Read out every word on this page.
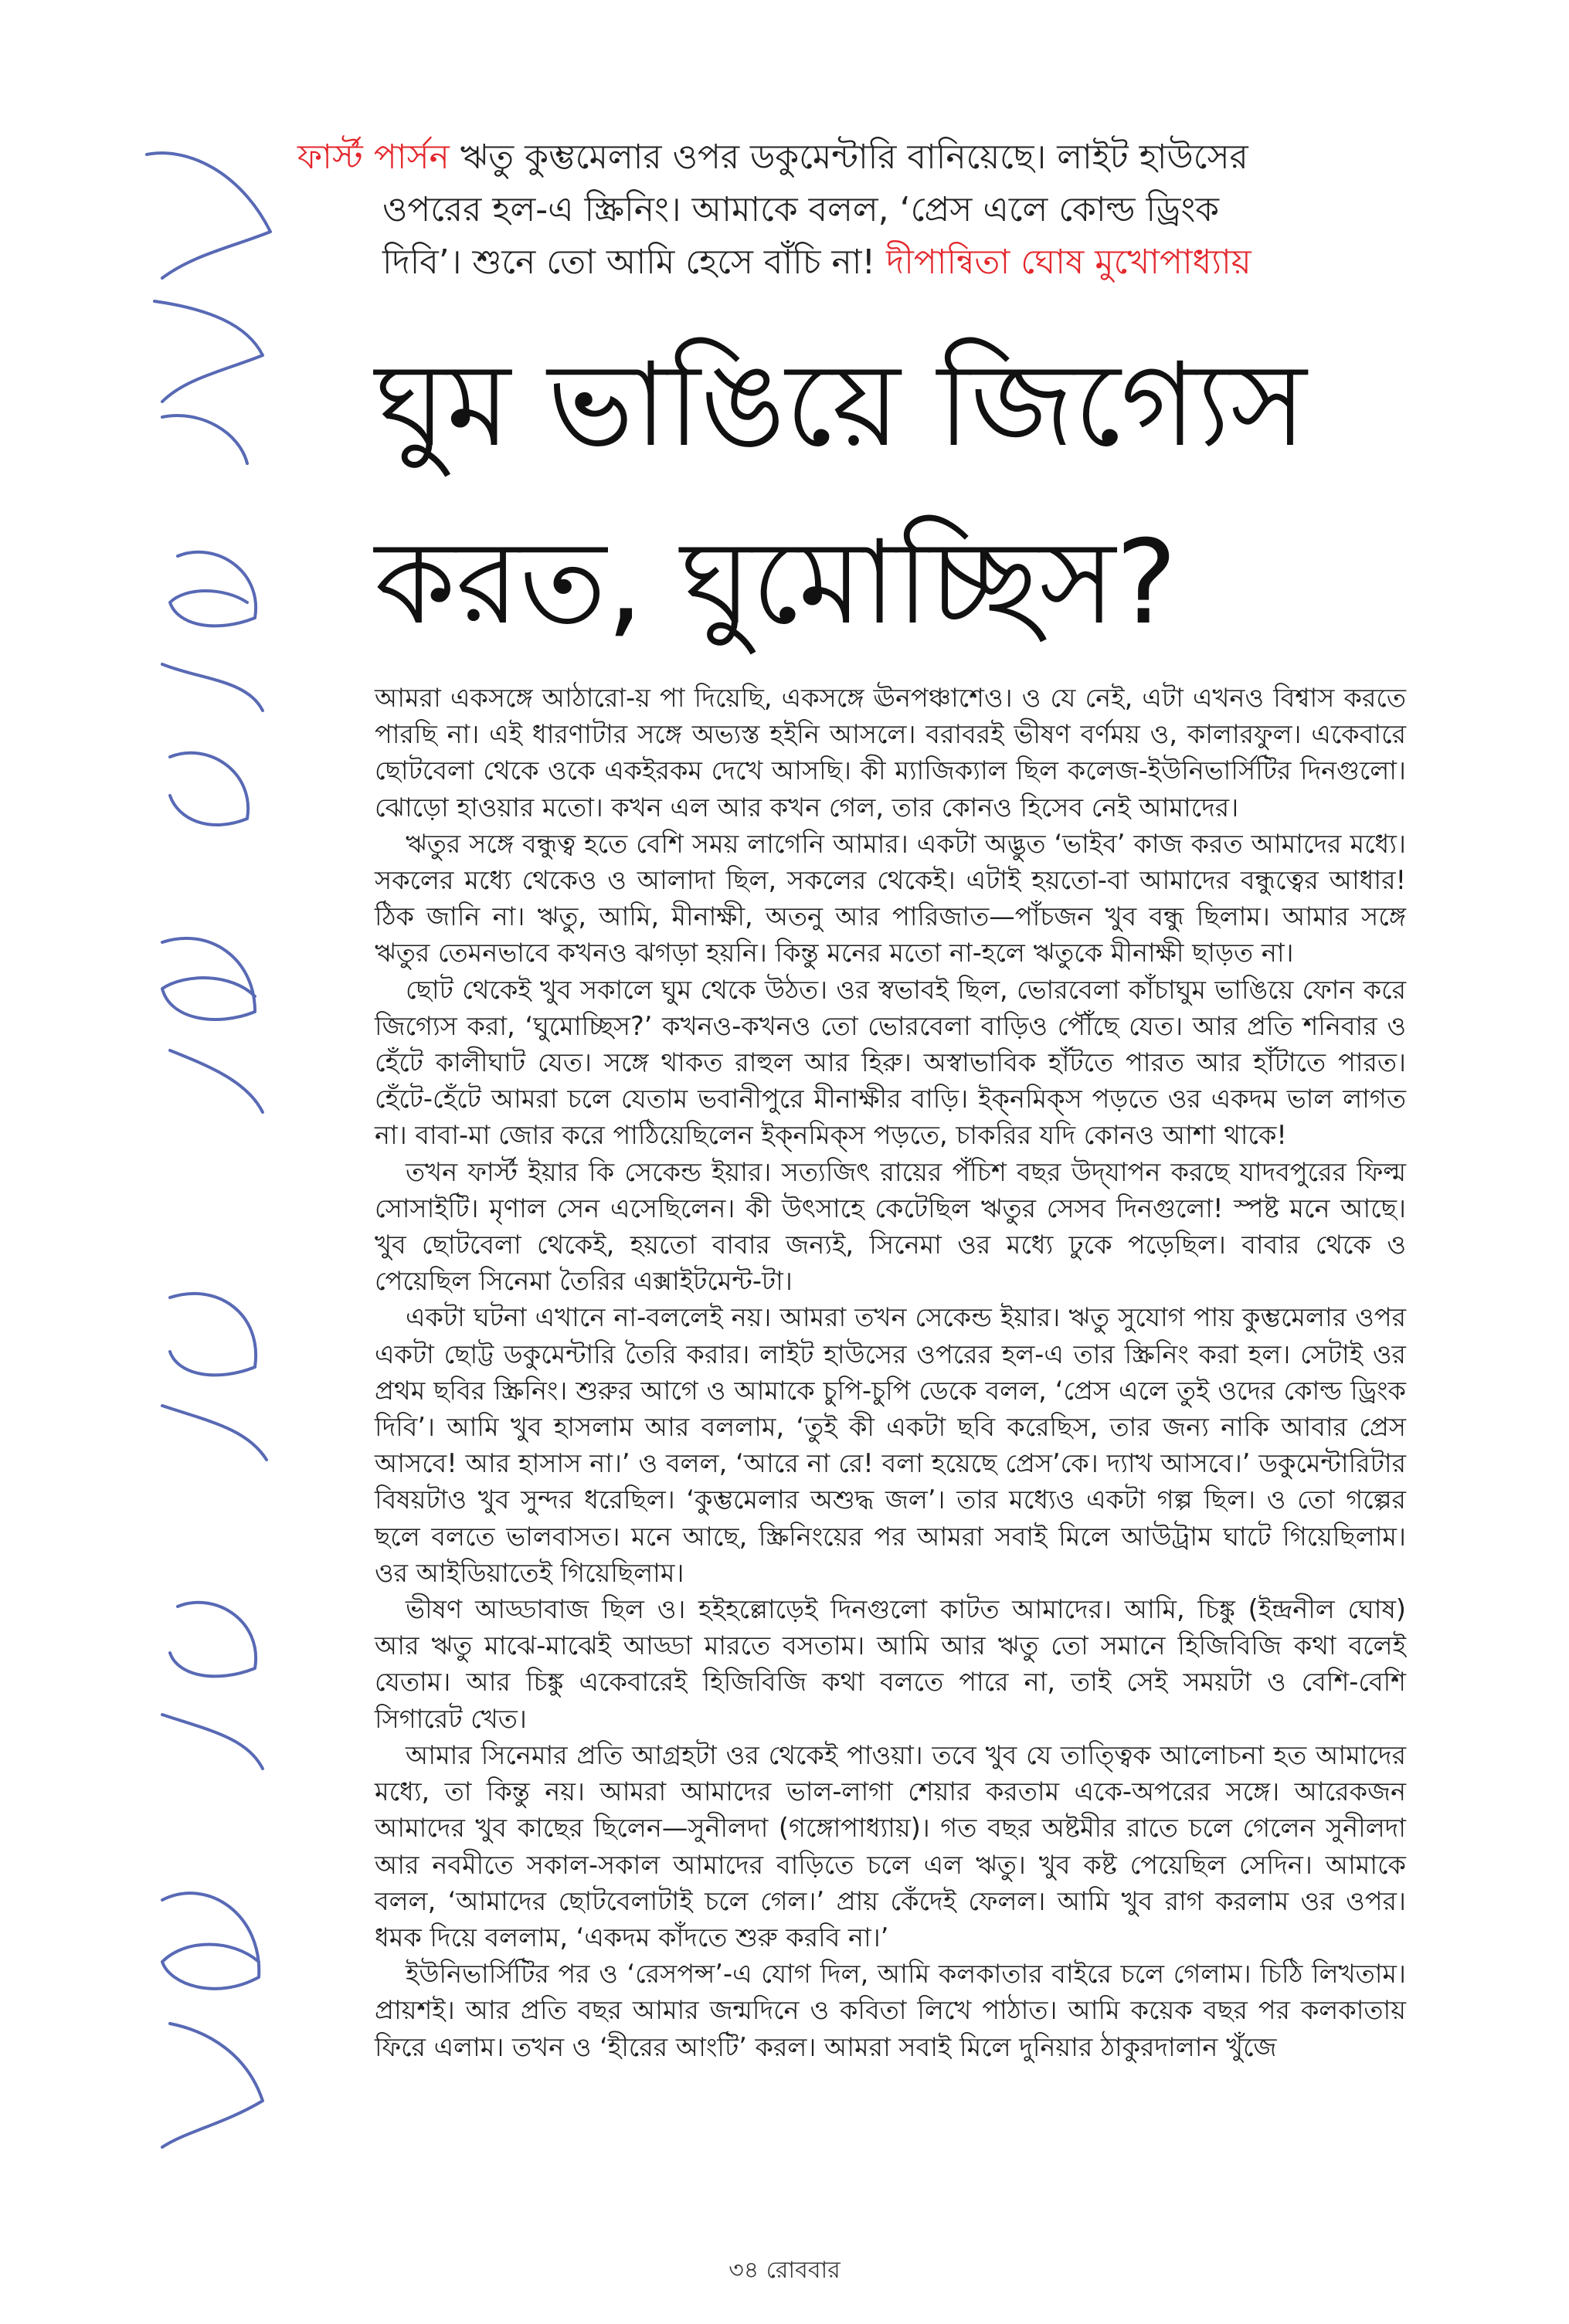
ফার্স্ট পার্সন ঋতু কুম্ভমেলার ওপর ডকুমেন্টারি বানিয়েছে। লাইট হাউসের
ওপরের হল-এ স্ক্রিনিং। আমাকে বলল, ‘প্রেস এলে কোল্ড ড্রিংক
দিবি’। শুনে তো আমি হেসে বাঁচি না! দীপান্বিতা ঘোষ মুখোপাধ্যায়
ঘুম ভাঙিয়ে জিগ্যেস
করত, ঘুমোচ্ছিস?

আমরা একসঙ্গে আঠারো-য় পা দিয়েছি, একসঙ্গে ঊনপঞ্চাশেও। ও যে নেই, এটা এখনও বিশ্বাস করতে পারছি না। এই ধারণাটার সঙ্গে অভ্যস্ত হইনি আসলে। বরাবরই ভীষণ বর্ণময় ও, কালারফুল। একেবারে ছোটবেলা থেকে ওকে একইরকম দেখে আসছি। কী ম্যাজিক্যাল ছিল কলেজ-ইউনিভার্সিটির দিনগুলো। ঝোড়ো হাওয়ার মতো। কখন এল আর কখন গেল, তার কোনও হিসেব নেই আমাদের।

ঋতুর সঙ্গে বন্ধুত্ব হতে বেশি সময় লাগেনি আমার। একটা অদ্ভুত ‘ভাইব’ কাজ করত আমাদের মধ্যে। সকলের মধ্যে থেকেও ও আলাদা ছিল, সকলের থেকেই। এটাই হয়তো-বা আমাদের বন্ধুত্বের আধার! ঠিক জানি না। ঋতু, আমি, মীনাক্ষী, অতনু আর পারিজাত—পাঁচজন খুব বন্ধু ছিলাম। আমার সঙ্গে ঋতুর তেমনভাবে কখনও ঝগড়া হয়নি। কিন্তু মনের মতো না-হলে ঋতুকে মীনাক্ষী ছাড়ত না।

ছোট থেকেই খুব সকালে ঘুম থেকে উঠত। ওর স্বভাবই ছিল, ভোরবেলা কাঁচাঘুম ভাঙিয়ে ফোন করে জিগ্যেস করা, ‘ঘুমোচ্ছিস?’ কখনও-কখনও তো ভোরবেলা বাড়িও পৌঁছে যেত। আর প্রতি শনিবার ও হেঁটে কালীঘাট যেত। সঙ্গে থাকত রাহুল আর হিরু। অস্বাভাবিক হাঁটতে পারত আর হাঁটাতে পারত। হেঁটে-হেঁটে আমরা চলে যেতাম ভবানীপুরে মীনাক্ষীর বাড়ি। ইক্‌নমিক্‌স পড়তে ওর একদম ভাল লাগত না। বাবা-মা জোর করে পাঠিয়েছিলেন ইক্‌নমিক্‌স পড়তে, চাকরির যদি কোনও আশা থাকে!

তখন ফার্স্ট ইয়ার কি সেকেন্ড ইয়ার। সত্যজিৎ রায়ের পঁচিশ বছর উদ্‌যাপন করছে যাদবপুরের ফিল্ম সোসাইটি। মৃণাল সেন এসেছিলেন। কী উৎসাহে কেটেছিল ঋতুর সেসব দিনগুলো! স্পষ্ট মনে আছে। খুব ছোটবেলা থেকেই, হয়তো বাবার জন্যই, সিনেমা ওর মধ্যে ঢুকে পড়েছিল। বাবার থেকে ও পেয়েছিল সিনেমা তৈরির এক্সাইটমেন্ট-টা।

একটা ঘটনা এখানে না-বললেই নয়। আমরা তখন সেকেন্ড ইয়ার। ঋতু সুযোগ পায় কুম্ভমেলার ওপর একটা ছোট্ট ডকুমেন্টারি তৈরি করার। লাইট হাউসের ওপরের হল-এ তার স্ক্রিনিং করা হল। সেটাই ওর প্রথম ছবির স্ক্রিনিং। শুরুর আগে ও আমাকে চুপি-চুপি ডেকে বলল, ‘প্রেস এলে তুই ওদের কোল্ড ড্রিংক দিবি’। আমি খুব হাসলাম আর বললাম, ‘তুই কী একটা ছবি করেছিস, তার জন্য নাকি আবার প্রেস আসবে! আর হাসাস না।’ ও বলল, ‘আরে না রে! বলা হয়েছে প্রেস’কে। দ্যাখ আসবে।’ ডকুমেন্টারিটার বিষয়টাও খুব সুন্দর ধরেছিল। ‘কুম্ভমেলার অশুদ্ধ জল’। তার মধ্যেও একটা গল্প ছিল। ও তো গল্পের ছলে বলতে ভালবাসত। মনে আছে, স্ক্রিনিংয়ের পর আমরা সবাই মিলে আউট্রাম ঘাটে গিয়েছিলাম। ওর আইডিয়াতেই গিয়েছিলাম।

ভীষণ আড্ডাবাজ ছিল ও। হইহল্লোড়েই দিনগুলো কাটত আমাদের। আমি, চিঙ্কু (ইন্দ্রনীল ঘোষ) আর ঋতু মাঝে-মাঝেই আড্ডা মারতে বসতাম। আমি আর ঋতু তো সমানে হিজিবিজি কথা বলেই যেতাম। আর চিঙ্কু একেবারেই হিজিবিজি কথা বলতে পারে না, তাই সেই সময়টা ও বেশি-বেশি সিগারেট খেত।

আমার সিনেমার প্রতি আগ্রহটা ওর থেকেই পাওয়া। তবে খুব যে তাত্ত্বিক আলোচনা হত আমাদের মধ্যে, তা কিন্তু নয়। আমরা আমাদের ভাল-লাগা শেয়ার করতাম একে-অপরের সঙ্গে। আরেকজন আমাদের খুব কাছের ছিলেন—সুনীলদা (গঙ্গোপাধ্যায়)। গত বছর অষ্টমীর রাতে চলে গেলেন সুনীলদা আর নবমীতে সকাল-সকাল আমাদের বাড়িতে চলে এল ঋতু। খুব কষ্ট পেয়েছিল সেদিন। আমাকে বলল, ‘আমাদের ছোটবেলাটাই চলে গেল।’ প্রায় কেঁদেই ফেলল। আমি খুব রাগ করলাম ওর ওপর। ধমক দিয়ে বললাম, ‘একদম কাঁদতে শুরু করবি না।’

ইউনিভার্সিটির পর ও ‘রেসপন্স’-এ যোগ দিল, আমি কলকাতার বাইরে চলে গেলাম। চিঠি লিখতাম। প্রায়শই। আর প্রতি বছর আমার জন্মদিনে ও কবিতা লিখে পাঠাত। আমি কয়েক বছর পর কলকাতায় ফিরে এলাম। তখন ও ‘হীরের আংটি’ করল। আমরা সবাই মিলে দুনিয়ার ঠাকুরদালান খুঁজে

৩৪ রোববার
